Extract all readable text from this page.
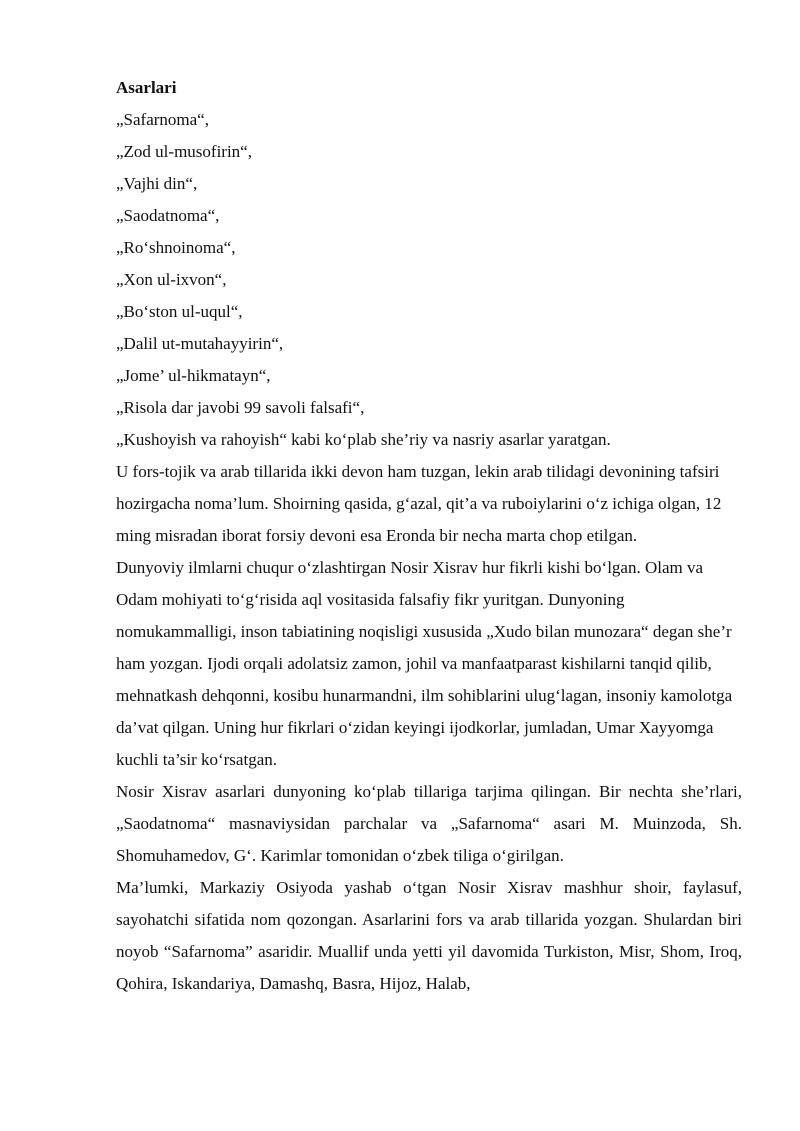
Asarlari

„Safarnoma“,
„Zod ul-musofirin“,
„Vajhi din“,
„Saodatnoma“,
„Ro‘shnoinoma“,
„Xon ul-ixvon“,
„Bo‘ston ul-uqul“,
„Dalil ut-mutahayyirin“,
„Jome’ ul-hikmatayn“,
„Risola dar javobi 99 savoli falsafi“,
„Kushoyish va rahoyish“ kabi ko‘plab she’riy va nasriy asarlar yaratgan.

U fors-tojik va arab tillarida ikki devon ham tuzgan, lekin arab tilidagi devonining tafsiri hozirgacha noma’lum. Shoirning qasida, g‘azal, qit’a va ruboiylarini o‘z ichiga olgan, 12 ming misradan iborat forsiy devoni esa Eronda bir necha marta chop etilgan.

Dunyoviy ilmlarni chuqur o‘zlashtirgan Nosir Xisrav hur fikrli kishi bo‘lgan. Olam va Odam mohiyati to‘g‘risida aql vositasida falsafiy fikr yuritgan. Dunyoning nomukammalligi, inson tabiatining noqisligi xususida „Xudo bilan munozara“ degan she’r ham yozgan. Ijodi orqali adolatsiz zamon, johil va manfaatparast kishilarni tanqid qilib, mehnatkash dehqonni, kosibu hunarmandni, ilm sohiblarini ulug‘lagan, insoniy kamolotga da’vat qilgan. Uning hur fikrlari o‘zidan keyingi ijodkorlar, jumladan, Umar Xayyomga kuchli ta’sir ko‘rsatgan.

Nosir Xisrav asarlari dunyoning ko‘plab tillariga tarjima qilingan. Bir nechta she’rlari, „Saodatnoma“ masnaviysidan parchalar va „Safarnoma“ asari M. Muinzoda, Sh. Shomuhamedov, G‘. Karimlar tomonidan o‘zbek tiliga o‘girilgan.

Ma’lumki, Markaziy Osiyoda yashab o‘tgan Nosir Xisrav mashhur shoir, faylasuf, sayohatchi sifatida nom qozongan. Asarlarini fors va arab tillarida yozgan. Shulardan biri noyob “Safarnoma” asaridir. Muallif unda yetti yil davomida Turkiston, Misr, Shom, Iroq, Qohira, Iskandariya, Damashq, Basra, Hijoz, Halab,
